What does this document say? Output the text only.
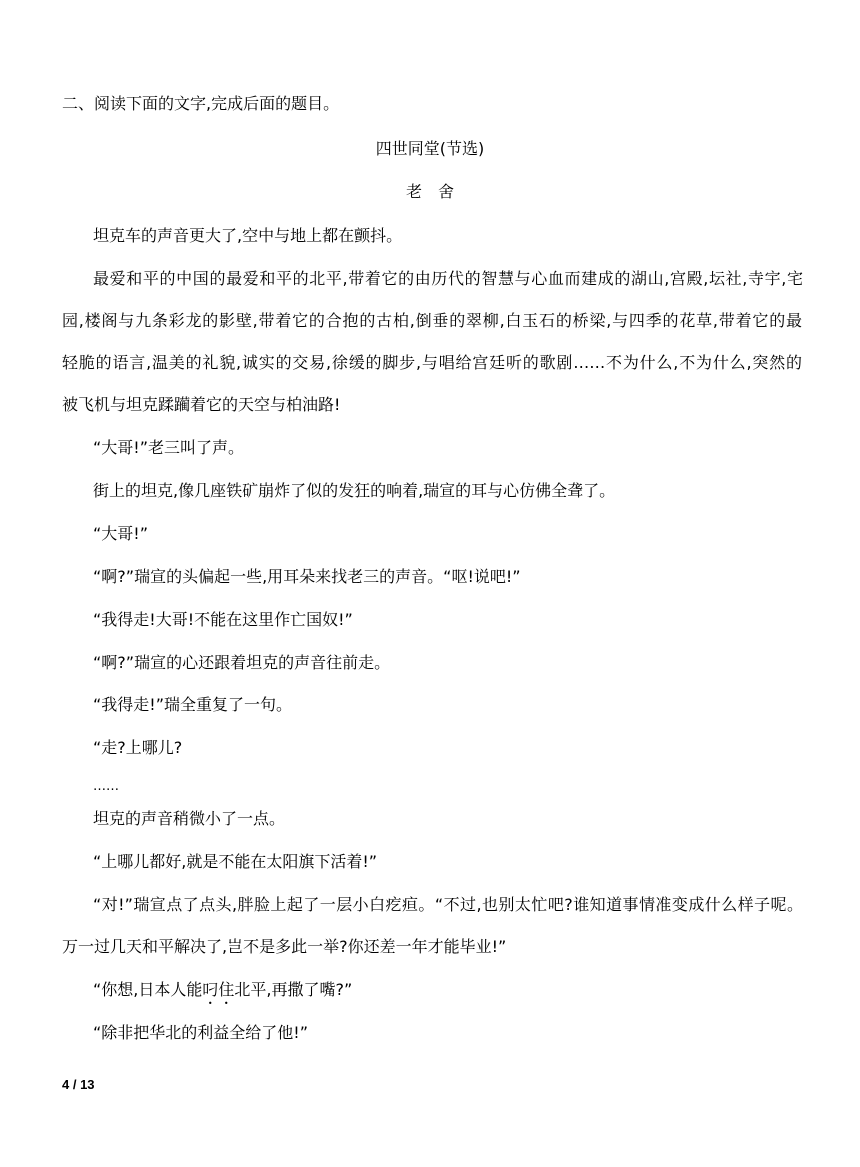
二、阅读下面的文字,完成后面的题目。
四世同堂(节选)
老舍
坦克车的声音更大了,空中与地上都在颤抖。
最爱和平的中国的最爱和平的北平,带着它的由历代的智慧与心血而建成的湖山,宫殿,坛社,寺宇,宅
园,楼阁与九条彩龙的影壁,带着它的合抱的古柏,倒垂的翠柳,白玉石的桥梁,与四季的花草,带着它的最
轻脆的语言,温美的礼貌,诚实的交易,徐缓的脚步,与唱给宫廷听的歌剧……不为什么,不为什么,突然的
被飞机与坦克蹂躏着它的天空与柏油路!
“大哥!”老三叫了声。
街上的坦克,像几座铁矿崩炸了似的发狂的响着,瑞宣的耳与心仿佛全聋了。
“大哥!”
“啊?”瑞宣的头偏起一些,用耳朵来找老三的声音。“呕!说吧!”
“我得走!大哥!不能在这里作亡国奴!”
“啊?”瑞宣的心还跟着坦克的声音往前走。
“我得走!”瑞全重复了一句。
“走?上哪儿?
……
坦克的声音稍微小了一点。
“上哪儿都好,就是不能在太阳旗下活着!”
“对!”瑞宣点了点头,胖脸上起了一层小白疙疸。“不过,也别太忙吧?谁知道事情准变成什么样子呢。
万一过几天和平解决了,岂不是多此一举?你还差一年才能毕业!”
“你想,日本人能叼住北平,再撒了嘴?”
“除非把华北的利益全给了他!”
4 / 13
